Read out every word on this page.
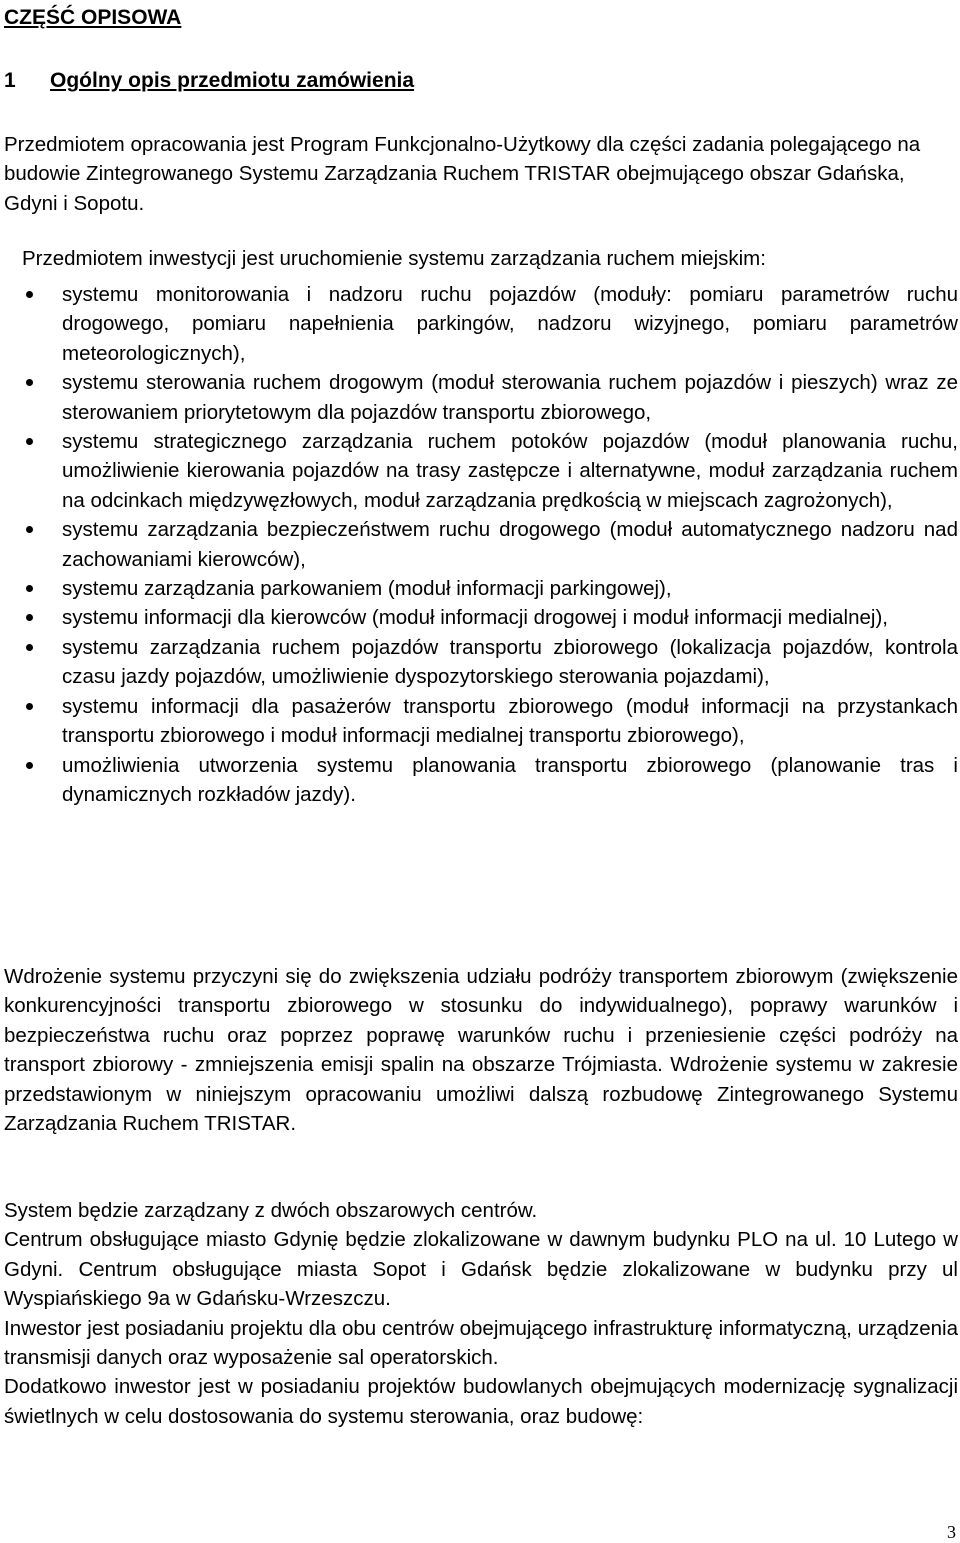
CZĘŚĆ OPISOWA
1 Ogólny opis przedmiotu zamówienia

Przedmiotem opracowania jest Program Funkcjonalno-Użytkowy dla części zadania polegającego na budowie Zintegrowanego Systemu Zarządzania Ruchem TRISTAR obejmującego obszar Gdańska, Gdyni i Sopotu.

Przedmiotem inwestycji jest uruchomienie systemu zarządzania ruchem miejskim:

systemu monitorowania i nadzoru ruchu pojazdów (moduły: pomiaru parametrów ruchu drogowego, pomiaru napełnienia parkingów, nadzoru wizyjnego, pomiaru parametrów meteorologicznych),
systemu sterowania ruchem drogowym (moduł sterowania ruchem pojazdów i pieszych) wraz ze sterowaniem priorytetowym dla pojazdów transportu zbiorowego,
systemu strategicznego zarządzania ruchem potoków pojazdów (moduł planowania ruchu, umożliwienie kierowania pojazdów na trasy zastępcze i alternatywne, moduł zarządzania ruchem na odcinkach międzywęzłowych, moduł zarządzania prędkością w miejscach zagrożonych),
systemu zarządzania bezpieczeństwem ruchu drogowego (moduł automatycznego nadzoru nad zachowaniami kierowców),
systemu zarządzania parkowaniem (moduł informacji parkingowej),
systemu informacji dla kierowców (moduł informacji drogowej i moduł informacji medialnej),
systemu zarządzania ruchem pojazdów transportu zbiorowego (lokalizacja pojazdów, kontrola czasu jazdy pojazdów, umożliwienie dyspozytorskiego sterowania pojazdami),
systemu informacji dla pasażerów transportu zbiorowego (moduł informacji na przystankach transportu zbiorowego i moduł informacji medialnej transportu zbiorowego),
umożliwienia utworzenia systemu planowania transportu zbiorowego (planowanie tras i dynamicznych rozkładów jazdy).

Wdrożenie systemu przyczyni się do zwiększenia udziału podróży transportem zbiorowym (zwiększenie konkurencyjności transportu zbiorowego w stosunku do indywidualnego), poprawy warunków i bezpieczeństwa ruchu oraz poprzez poprawę warunków ruchu i przeniesienie części podróży na transport zbiorowy - zmniejszenia emisji spalin na obszarze Trójmiasta. Wdrożenie systemu w zakresie przedstawionym w niniejszym opracowaniu umożliwi dalszą rozbudowę Zintegrowanego Systemu Zarządzania Ruchem TRISTAR.

System będzie zarządzany z dwóch obszarowych centrów.
Centrum obsługujące miasto Gdynię będzie zlokalizowane w dawnym budynku PLO na ul. 10 Lutego w Gdyni. Centrum obsługujące miasta Sopot i Gdańsk będzie zlokalizowane w budynku przy ul Wyspiańskiego 9a w Gdańsku-Wrzeszczu.
Inwestor jest posiadaniu projektu dla obu centrów obejmującego infrastrukturę informatyczną, urządzenia transmisji danych oraz wyposażenie sal operatorskich.
Dodatkowo inwestor jest w posiadaniu projektów budowlanych obejmujących modernizację sygnalizacji świetlnych w celu dostosowania do systemu sterowania, oraz budowę:
3
